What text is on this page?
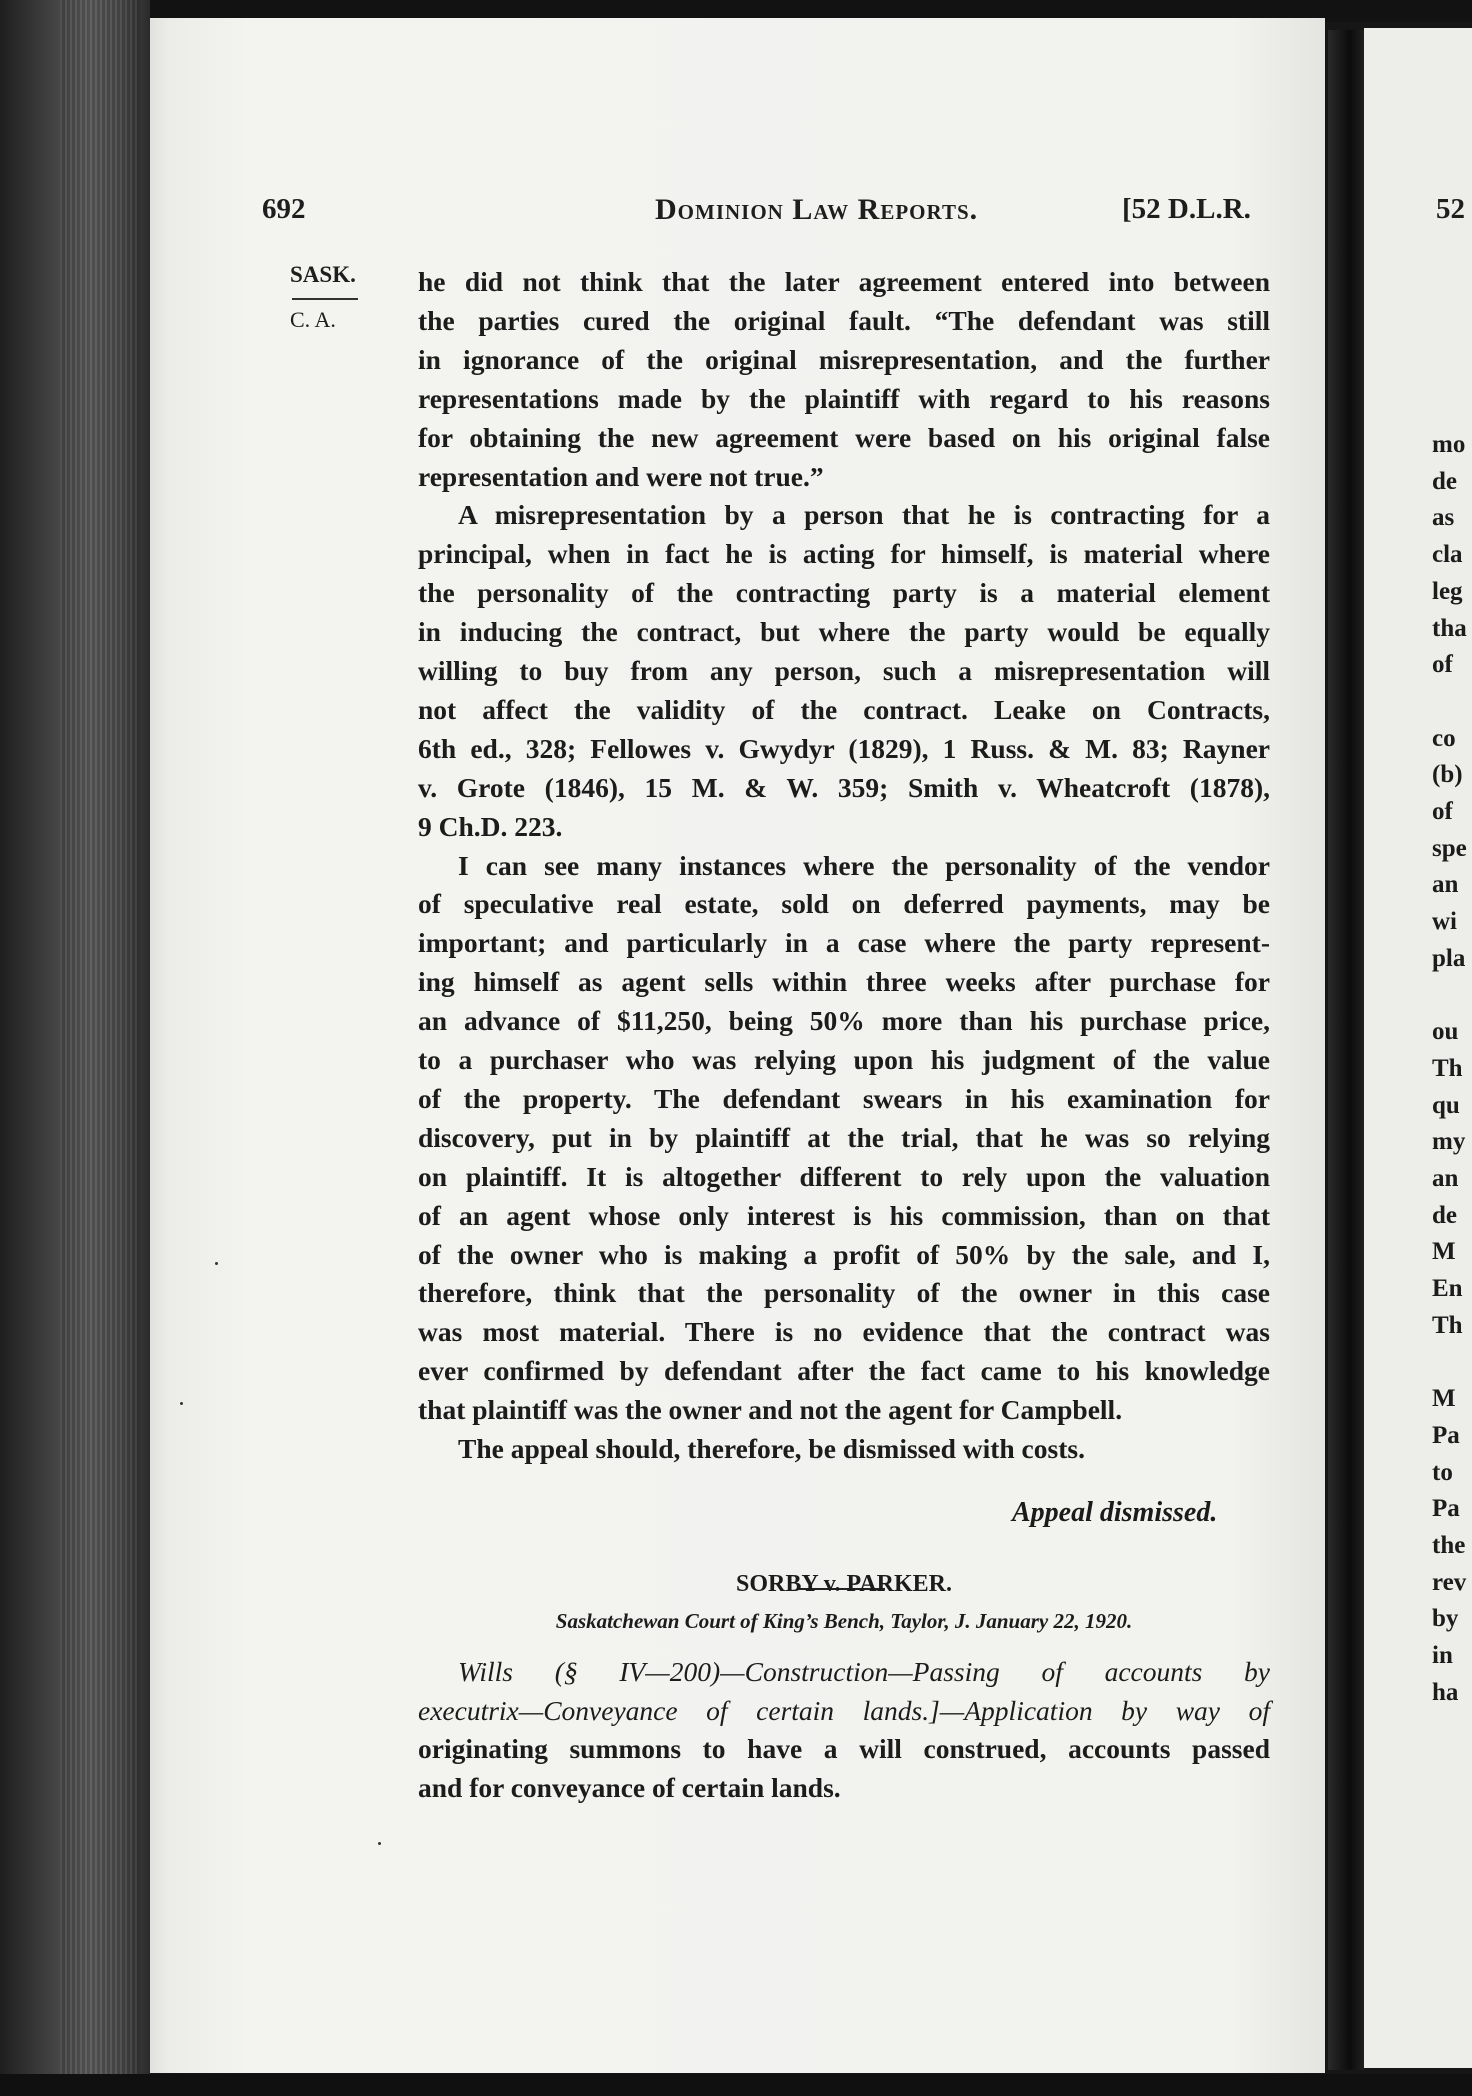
692	Dominion Law Reports.	[52 D.L.R.
SASK.
C. A.
he did not think that the later agreement entered into between
the parties cured the original fault. “The defendant was still
in ignorance of the original misrepresentation, and the further
representations made by the plaintiff with regard to his reasons
for obtaining the new agreement were based on his original false
representation and were not true.”
A misrepresentation by a person that he is contracting for a
principal, when in fact he is acting for himself, is material where
the personality of the contracting party is a material element
in inducing the contract, but where the party would be equally
willing to buy from any person, such a misrepresentation will
not affect the validity of the contract. Leake on Contracts,
6th ed., 328; Fellowes v. Gwydyr (1829), 1 Russ. & M. 83; Rayner
v. Grote (1846), 15 M. & W. 359; Smith v. Wheatcroft (1878),
9 Ch.D. 223.
I can see many instances where the personality of the vendor
of speculative real estate, sold on deferred payments, may be
important; and particularly in a case where the party represent-
ing himself as agent sells within three weeks after purchase for
an advance of $11,250, being 50% more than his purchase price,
to a purchaser who was relying upon his judgment of the value
of the property. The defendant swears in his examination for
discovery, put in by plaintiff at the trial, that he was so relying
on plaintiff. It is altogether different to rely upon the valuation
of an agent whose only interest is his commission, than on that
of the owner who is making a profit of 50% by the sale, and I,
therefore, think that the personality of the owner in this case
was most material. There is no evidence that the contract was
ever confirmed by defendant after the fact came to his knowledge
that plaintiff was the owner and not the agent for Campbell.
The appeal should, therefore, be dismissed with costs.
Appeal dismissed.
SORBY v. PARKER.
Saskatchewan Court of King’s Bench, Taylor, J. January 22, 1920.
Wills (§ IV—200)—Construction—Passing of accounts by
executrix—Conveyance of certain lands.]—Application by way of
originating summons to have a will construed, accounts passed
and for conveyance of certain lands.
52
mo
de
as
cla
leg
tha
of
co
(b)
of
spe
an
wi
pla
ou
Th
qu
my
an
de
M
En
Th
M
Pa
to
Pa
the
rev
by
in
ha
